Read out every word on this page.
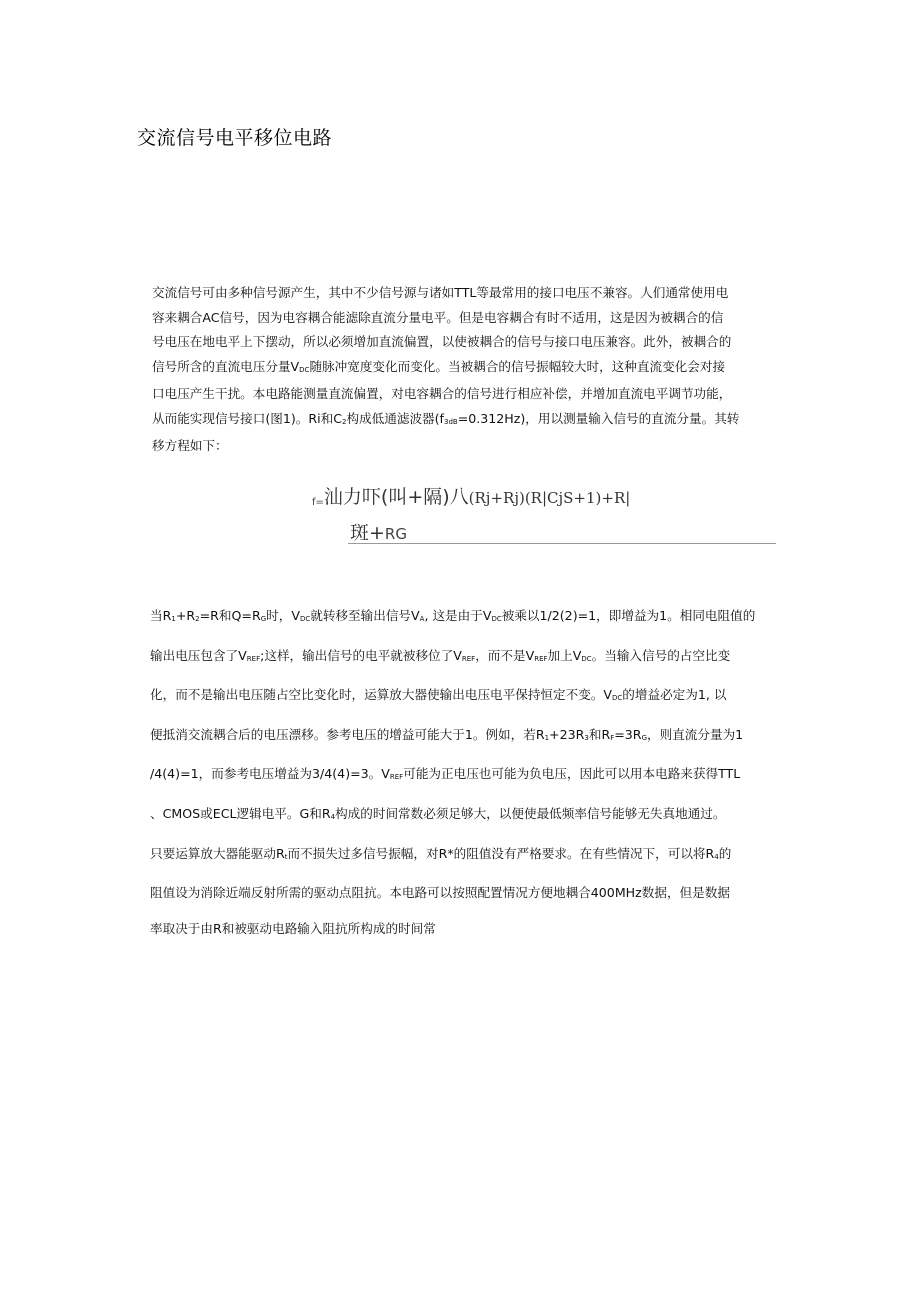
交流信号电平移位电路
交流信号可由多种信号源产生，其中不少信号源与诸如TTL等最常用的接口电压不兼容。人们通常使用电
容来耦合AC信号，因为电容耦合能滤除直流分量电平。但是电容耦合有时不适用，这是因为被耦合的信
号电压在地电平上下摆动，所以必须增加直流偏置，以使被耦合的信号与接口电压兼容。此外，被耦合的
信号所含的直流电压分量VDC随脉冲宽度变化而变化。当被耦合的信号振幅较大时，这种直流变化会对接
口电压产生干扰。本电路能测量直流偏置，对电容耦合的信号进行相应补偿，并增加直流电平调节功能，
从而能实现信号接口(图1)。Ri和C2构成低通滤波器(f3dB=0.312Hz)，用以测量输入信号的直流分量。其转
移方程如下：
f=汕力吓(叫+隔)八(Rj+Rj)(R|CjS+1)+R|
斑+RG
当R1+R2=R和Q=RG时，VDC就转移至输出信号VA, 这是由于VDC被乘以1/2(2)=1，即增益为1。相同电阻值的
输出电压包含了VREF;这样，输出信号的电平就被移位了VREF，而不是VREF加上VDC。当输入信号的占空比变
化，而不是输出电压随占空比变化时，运算放大器使输出电压电平保持恒定不变。VDC的增益必定为1, 以
便抵消交流耦合后的电压漂移。参考电压的增益可能大于1。例如，若R1+23R3和RF=3RG，则直流分量为1
/4(4)=1，而参考电压增益为3/4(4)=3。VREF可能为正电压也可能为负电压，因此可以用本电路来获得TTL
、CMOS或ECL逻辑电平。G和R4构成的时间常数必须足够大，以便使最低频率信号能够无失真地通过。
只要运算放大器能驱动Rt而不损失过多信号振幅，对R*的阻值没有严格要求。在有些情况下，可以将R4的
阻值设为消除近端反射所需的驱动点阻抗。本电路可以按照配置情况方便地耦合400MHz数据，但是数据
率取决于由R和被驱动电路输入阻抗所构成的时间常
